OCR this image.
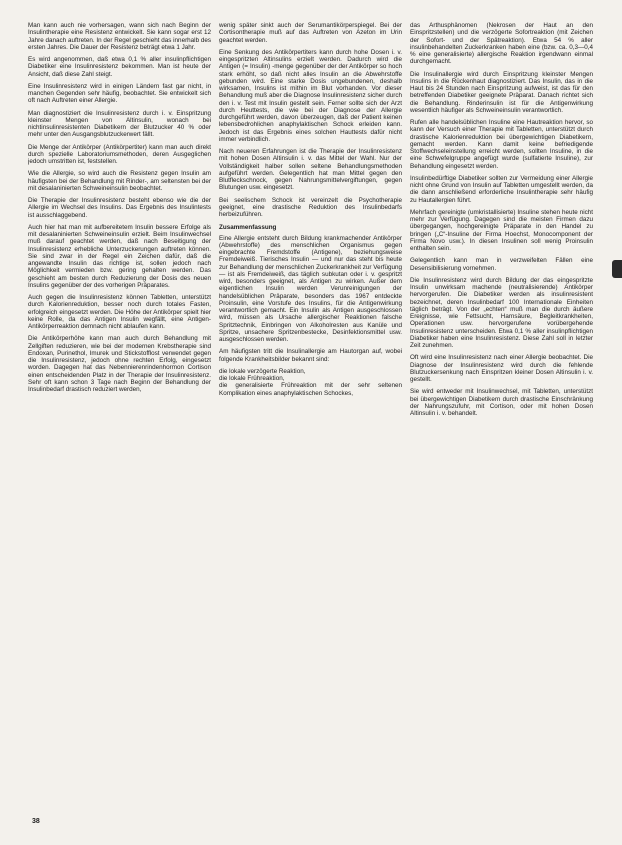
Man kann auch nie vorhersagen, wann sich nach Beginn der Insulintherapie eine Resistenz entwickelt. Sie kann sogar erst 12 Jahre danach auftreten. In der Regel geschieht das innerhalb des ersten Jahres. Die Dauer der Resistenz beträgt etwa 1 Jahr.

Es wird angenommen, daß etwa 0,1 % aller insulinpflichtigen Diabetiker eine Insulinresistenz bekommen. Man ist heute der Ansicht, daß diese Zahl steigt.

Eine Insulinresistenz wird in einigen Ländern fast gar nicht, in manchen Gegenden sehr häufig, beobachtet. Sie entwickelt sich oft nach Auftreten einer Allergie.

Man diagnostiziert die Insulinresistenz durch i. v. Einspritzung kleinster Mengen von Altinsulin, wonach bei nichtinsulinresistenten Diabetikern der Blutzucker 40 % oder mehr unter den Ausgangsblutzuckerwert fällt.

Die Menge der Antikörper (Antikörpertiter) kann man auch direkt durch spezielle Laboratoriumsmethoden, deren Ausgeglichen jedoch umstritten ist, feststellen.

Wie die Allergie, so wird auch die Resistenz gegen Insulin am häufigsten bei der Behandlung mit Rinder-, am seltensten bei der mit desalaninierten Schweineinsulin beobachtet.

Die Therapie der Insulinresistenz besteht ebenso wie die der Allergie im Wechsel des Insulins. Das Ergebnis des Insulintests ist ausschlaggebend.

Auch hier hat man mit aufbereitetem Insulin bessere Erfolge als mit desalaninierten Schweineinsulin erzielt. Beim Insulinwechsel muß darauf geachtet werden, daß nach Beseitigung der Insulinresistenz erhebliche Unterzuckerungen auftreten können. Sie sind zwar in der Regel ein Zeichen dafür, daß die angewandte Insulin das richtige ist, sollen jedoch nach Möglichkeit vermieden bzw. gering gehalten werden. Das geschieht am besten durch Reduzierung der Dosis des neuen Insulins gegenüber der des vorherigen Präparates.

Auch gegen die Insulinresistenz können Tabletten, unterstützt durch Kalorienreduktion, besser noch durch totales Fasten, erfolgreich eingesetzt werden. Die Höhe der Antikörper spielt hier keine Rolle, da das Antigen Insulin wegfällt, eine Antigen-Antikörperreaktion demnach nicht ablaufen kann.

Die Antikörperhöhe kann man auch durch Behandlung mit Zellgiften reduzieren, wie bei der modernen Krebstherapie sind Endoxan, Purinethol, Imurek und Stickstofflost verwendet gegen die Insulinresistenz, jedoch ohne rechten Erfolg, eingesetzt worden. Dagegen hat das Nebennierenrindenhormon Cortison einen entscheidenden Platz in der Therapie der Insulinresistenz. Sehr oft kann schon 3 Tage nach Beginn der Behandlung der Insulinbedarf drastisch reduziert werden,

wenig später sinkt auch der Serumantikörperspiegel. Bei der Cortisontherapie muß auf das Auftreten von Azeton im Urin geachtet werden.

Eine Senkung des Antikörpertiters kann durch hohe Dosen i. v. eingespritzten Altinsulins erzielt werden. Dadurch wird die Antigen (= Insulin) -menge gegenüber der der Antikörper so hoch stark erhöht, so daß nicht alles Insulin an die Abwehrstoffe gebunden wird. Eine starke Dosis ungebundenen, deshalb wirksamen, Insulins ist mithin im Blut vorhanden. Vor dieser Behandlung muß aber die Diagnose Insulinresistenz sicher durch den i. v. Test mit Insulin gestellt sein. Ferner sollte sich der Arzt durch Heuttests, die wie bei der Diagnose der Allergie durchgeführt werden, davon überzeugen, daß der Patient keinen lebensbedrohlichen anaphylaktischen Schock erleiden kann. Jedoch ist das Ergebnis eines solchen Hauttests dafür nicht immer verbindlich.

Nach neueren Erfahrungen ist die Therapie der Insulinresistenz mit hohen Dosen Altinsulin i. v. das Mittel der Wahl. Nur der Vollständigkeit halber sollen seltene Behandlungsmethoden aufgeführt werden. Gelegentlich hat man Mittel gegen den Blutfleckschnock, gegen Nahrungsmittelvergiftungen, gegen Blutungen usw. eingesetzt.

Bei seelischem Schock ist vereinzelt die Psychotherapie geeignet, eine drastische Reduktion des Insulinbedarfs herbeizuführen.

Zusammenfassung

Eine Allergie entsteht durch Bildung krankmachender Antikörper (Abwehrstoffe) des menschlichen Organismus gegen eingebrachte Fremdstoffe (Antigene), beziehungsweise Fremdeiweiß. Tierisches Insulin — und nur das steht bis heute zur Behandlung der menschlichen Zuckerkrankheit zur Verfügung — ist als Fremdeiweiß, das täglich subkutan oder i. v. gespritzt wird, besonders geeignet, als Antigen zu wirken. Außer dem eigentlichen Insulin werden Verunreinigungen der handelsüblichen Präparate, besonders das 1967 entdeckte Proinsulin, eine Vorstufe des Insulins, für die Antigenwirkung verantwortlich gemacht. Ein Insulin als Antigen ausgeschlossen wird, müssen als Ursache allergischer Reaktionen falsche Spritztechnik, Einbringen von Alkoholresten aus Kanüle und Spritze, unsachere Spritzenbestecke, Desinfektionsmittel usw. ausgeschlossen werden.

Am häufigsten tritt die Insulinallergie am Hautorgan auf, wobei folgende Krankheitsbilder bekannt sind:

die lokale verzögerte Reaktion,
die lokale Frühreaktion,
die generalisierte Frühreaktion mit der sehr seltenen Komplikation eines anaphylaktischen Schockes,

das Arthusphänomen (Nekrosen der Haut an den Einspritzstellen) und die verzögerte Sofortreaktion (mit Zeichen der Sofort- und der Spätreaktion). Etwa 54 % aller insulinbehandelten Zuckerkranken haben eine (bzw. ca. 0,3—0,4 % eine generalisierte) allergische Reaktion irgendwann einmal durchgemacht.

Die Insulinallergie wird durch Einspritzung kleinster Mengen Insulins in die Rückenhaut diagnostiziert. Das Insulin, das in die Haut bis 24 Stunden nach Einspritzung aufweist, ist das für den betreffenden Diabetiker geeignete Präparat. Danach richtet sich die Behandlung. Rinderinsulin ist für die Antigenwirkung wesentlich häufiger als Schweineinsulin verantwortlich.

Rufen alle handelsüblichen Insuline eine Hautreaktion hervor, so kann der Versuch einer Therapie mit Tabletten, unterstützt durch drastische Kalorienreduktion bei übergewichtigen Diabetikern, gemacht werden. Kann damit keine befriedigende Stoffwechseleinstellung erreicht werden, sollten Insuline, in die eine Schwefelgruppe angefügt wurde (sulfatierte Insuline), zur Behandlung eingesetzt werden.

Insulinbedürftige Diabetiker sollten zur Vermeidung einer Allergie nicht ohne Grund von Insulin auf Tabletten umgestellt werden, da die dann anschließend erforderliche Insulintherapie sehr häufig zu Hautallergien führt.

Mehrfach gereinigte (umkristallisierte) Insuline stehen heute nicht mehr zur Verfügung. Dagegen sind die meisten Firmen dazu übergegangen, hochgereinigte Präparate in den Handel zu bringen („C“-Insuline der Firma Hoechst, Monocomponent der Firma Novo usw.). In diesen Insulinen soll wenig Proinsulin enthalten sein.

Gelegentlich kann man in verzweifelten Fällen eine Desensibilisierung vornehmen.

Die Insulinresistenz wird durch Bildung der das eingespritzte Insulin unwirksam machende (neutralisierende) Antikörper hervorgerufen. Die Diabetiker werden als insulinresistent bezeichnet, deren Insulinbedarf 100 Internationale Einheiten täglich beträgt. Von der „echten“ muß man die durch äußere Ereignisse, wie Fettsucht, Harnsäure, Begleitkrankheiten, Operationen usw. hervorgerufene vorübergehende Insulinresistenz unterscheiden. Etwa 0,1 % aller insulinpflichtigen Diabetiker haben eine Insulinresistenz. Diese Zahl soll in letzter Zeit zunehmen.

Oft wird eine Insulinresistenz nach einer Allergie beobachtet. Die Diagnose der Insulinresistenz wird durch die fehlende Blutzuckersenkung nach Einspritzen kleiner Dosen Altinsulin i. v. gestellt.

Sie wird entweder mit Insulinwechsel, mit Tabletten, unterstützt bei übergewichtigen Diabetikern durch drastische Einschränkung der Nahrungszufuhr, mit Cortison, oder mit hohen Dosen Altinsulin i. v. behandelt.

38
